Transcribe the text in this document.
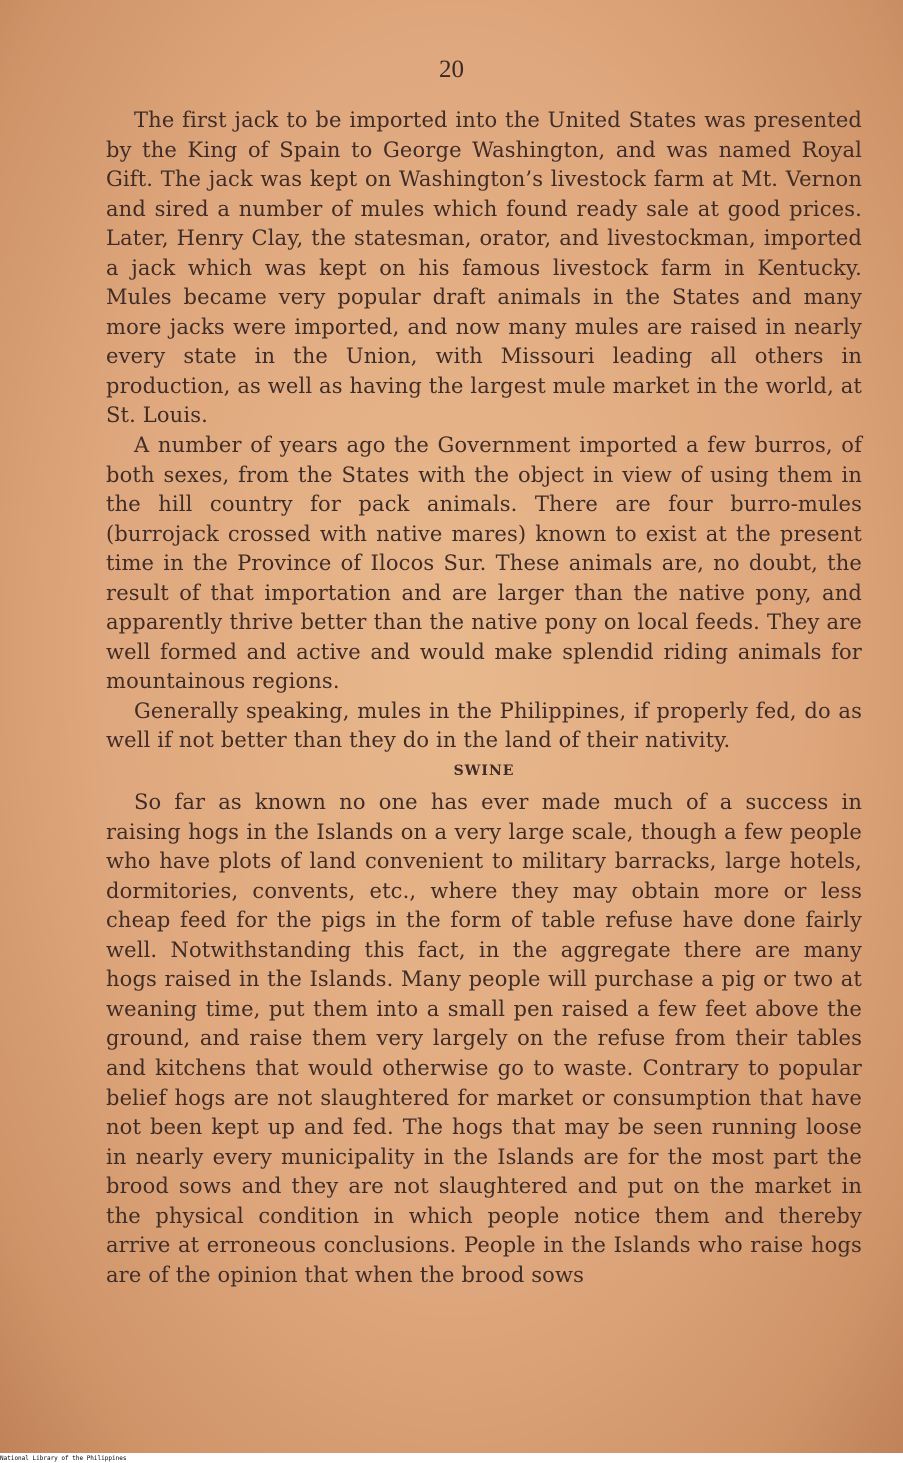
20

The first jack to be imported into the United States was presented by the King of Spain to George Washington, and was named Royal Gift. The jack was kept on Washington’s livestock farm at Mt. Vernon and sired a number of mules which found ready sale at good prices. Later, Henry Clay, the statesman, orator, and livestockman, imported a jack which was kept on his famous livestock farm in Kentucky. Mules became very popular draft animals in the States and many more jacks were imported, and now many mules are raised in nearly every state in the Union, with Missouri leading all others in production, as well as having the largest mule market in the world, at St. Louis.

A number of years ago the Government imported a few burros, of both sexes, from the States with the object in view of using them in the hill country for pack animals. There are four burro-mules (burrojack crossed with native mares) known to exist at the present time in the Province of Ilocos Sur. These animals are, no doubt, the result of that importation and are larger than the native pony, and apparently thrive better than the native pony on local feeds. They are well formed and active and would make splendid riding animals for mountainous regions.

Generally speaking, mules in the Philippines, if properly fed, do as well if not better than they do in the land of their nativity.

SWINE

So far as known no one has ever made much of a success in raising hogs in the Islands on a very large scale, though a few people who have plots of land convenient to military barracks, large hotels, dormitories, convents, etc., where they may obtain more or less cheap feed for the pigs in the form of table refuse have done fairly well. Notwithstanding this fact, in the aggregate there are many hogs raised in the Islands. Many people will purchase a pig or two at weaning time, put them into a small pen raised a few feet above the ground, and raise them very largely on the refuse from their tables and kitchens that would otherwise go to waste. Contrary to popular belief hogs are not slaughtered for market or consumption that have not been kept up and fed. The hogs that may be seen running loose in nearly every municipality in the Islands are for the most part the brood sows and they are not slaughtered and put on the market in the physical condition in which people notice them and thereby arrive at erroneous conclusions. People in the Islands who raise hogs are of the opinion that when the brood sows

National Library of the Philippines
